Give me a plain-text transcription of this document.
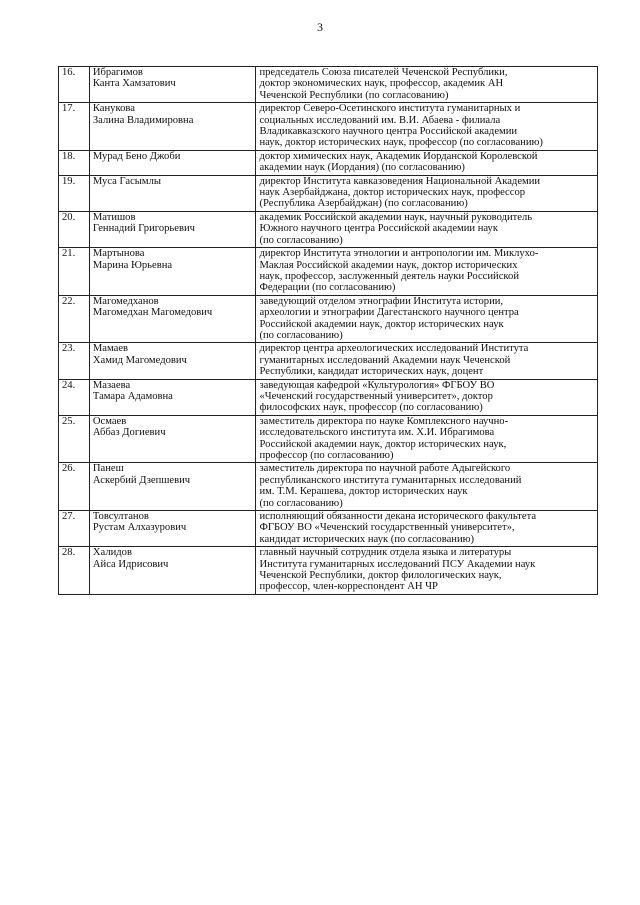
3
16.	Ибрагимов
Канта Хамзатович	председатель Союза писателей Чеченской Республики,
доктор экономических наук, профессор, академик АН
Чеченской Республики (по согласованию)

17.	Канукова
Залина Владимировна	директор Северо-Осетинского института гуманитарных и
социальных исследований им. В.И. Абаева - филиала
Владикавказского научного центра Российской академии
наук, доктор исторических наук, профессор (по согласованию)

18.	Мурад Бено Джоби	доктор химических наук, Академик Иорданской Королевской
академии наук (Иордания) (по согласованию)

19.	Муса Гасымлы	директор Института кавказоведения Национальной Академии
наук Азербайджана, доктор исторических наук, профессор
(Республика Азербайджан) (по согласованию)

20.	Матишов
Геннадий Григорьевич	академик Российской академии наук, научный руководитель
Южного научного центра Российской академии наук
(по согласованию)

21.	Мартынова
Марина Юрьевна	директор Института этнологии и антропологии им. Миклухо-
Маклая Российской академии наук, доктор исторических
наук, профессор, заслуженный деятель науки Российской
Федерации (по согласованию)

22.	Магомедханов
Магомедхан Магомедович	заведующий отделом этнографии Института истории,
археологии и этнографии Дагестанского научного центра
Российской академии наук, доктор исторических наук
(по согласованию)

23.	Мамаев
Хамид Магомедович	директор центра археологических исследований Института
гуманитарных исследований Академии наук Чеченской
Республики, кандидат исторических наук, доцент

24.	Мазаева
Тамара Адамовна	заведующая кафедрой «Культурология» ФГБОУ ВО
«Чеченский государственный университет», доктор
философских наук, профессор (по согласованию)

25.	Осмаев
Аббаз Догиевич	заместитель директора по науке Комплексного научно-
исследовательского института им. Х.И. Ибрагимова
Российской академии наук, доктор исторических наук,
профессор (по согласованию)

26.	Панеш
Аскербий Дзепшевич	заместитель директора по научной работе Адыгейского
республиканского института гуманитарных исследований
им. Т.М. Керашева, доктор исторических наук
(по согласованию)

27.	Товсултанов
Рустам Алхазурович	исполняющий обязанности декана исторического факультета
ФГБОУ ВО «Чеченский государственный университет»,
кандидат исторических наук (по согласованию)

28.	Халидов
Айса Идрисович	главный научный сотрудник отдела языка и литературы
Института гуманитарных исследований ПСУ Академии наук
Чеченской Республики, доктор филологических наук,
профессор, член-корреспондент АН ЧР
